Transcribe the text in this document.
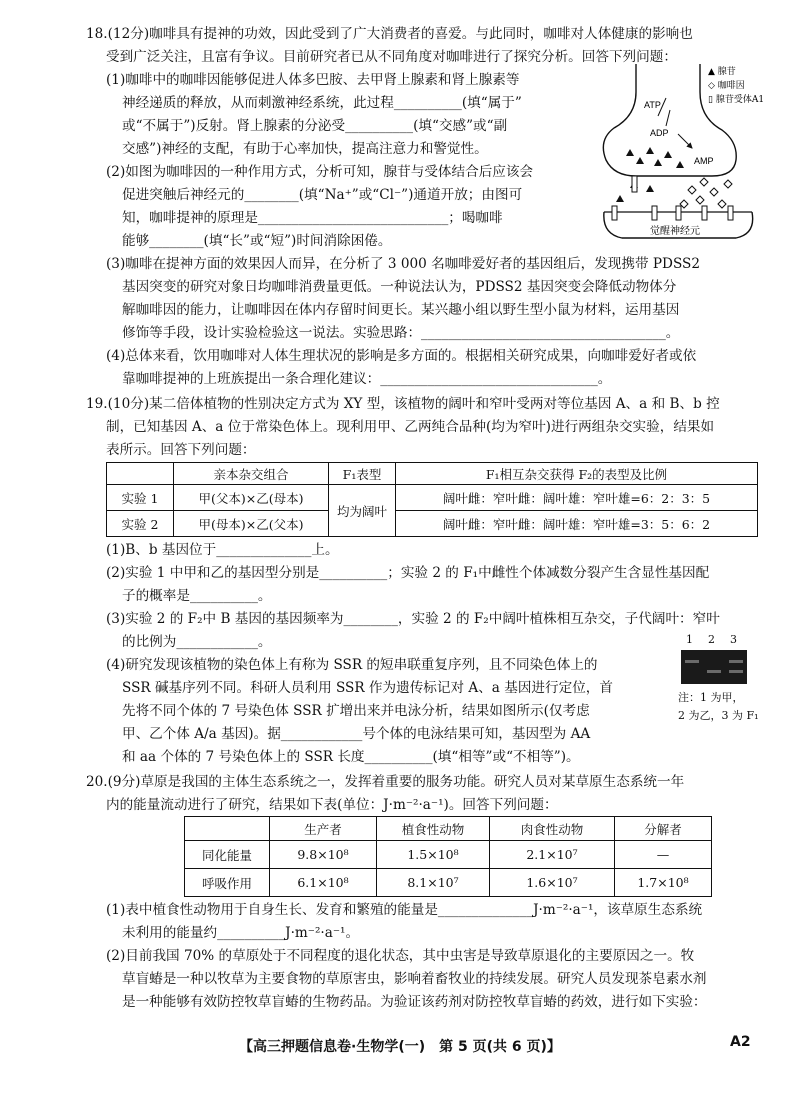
18.(12分)咖啡具有提神的功效，因此受到了广大消费者的喜爱。与此同时，咖啡对人体健康的影响也
受到广泛关注，且富有争议。目前研究者已从不同角度对咖啡进行了探究分析。回答下列问题：
(1)咖啡中的咖啡因能够促进人体多巴胺、去甲肾上腺素和肾上腺素等
神经递质的释放，从而刺激神经系统，此过程__________(填“属于”
或“不属于”)反射。肾上腺素的分泌受__________(填“交感”或“副
交感”)神经的支配，有助于心率加快，提高注意力和警觉性。
(2)如图为咖啡因的一种作用方式，分析可知，腺苷与受体结合后应该会
促进突触后神经元的________(填“Na⁺”或“Cl⁻”)通道开放；由图可
知，咖啡提神的原理是____________________________；喝咖啡
能够________(填“长”或“短”)时间消除困倦。
(3)咖啡在提神方面的效果因人而异，在分析了 3 000 名咖啡爱好者的基因组后，发现携带 PDSS2
基因突变的研究对象日均咖啡消费量更低。一种说法认为，PDSS2 基因突变会降低动物体分
解咖啡因的能力，让咖啡因在体内存留时间更长。某兴趣小组以野生型小鼠为材料，运用基因
修饰等手段，设计实验检验这一说法。实验思路：____________________________________。
(4)总体来看，饮用咖啡对人体生理状况的影响是多方面的。根据相关研究成果，向咖啡爱好者或依
靠咖啡提神的上班族提出一条合理化建议：________________________________。
ATP
ADP
AMP
觉醒神经元
▲ 腺苷
◇ 咖啡因
▯ 腺苷受体A1
19.(10分)某二倍体植物的性别决定方式为 XY 型，该植物的阔叶和窄叶受两对等位基因 A、a 和 B、b 控
制，已知基因 A、a 位于常染色体上。现利用甲、乙两纯合品种(均为窄叶)进行两组杂交实验，结果如
表所示。回答下列问题：
	亲本杂交组合	F₁表型	F₁相互杂交获得 F₂的表型及比例
实验 1	甲(父本)×乙(母本)	均为阔叶	阔叶雌：窄叶雌：阔叶雄：窄叶雄=6：2：3：5
实验 2	甲(母本)×乙(父本)		阔叶雌：窄叶雌：阔叶雄：窄叶雄=3：5：6：2
(1)B、b 基因位于______________上。
(2)实验 1 中甲和乙的基因型分别是__________；实验 2 的 F₁中雌性个体减数分裂产生含显性基因配
子的概率是__________。
(3)实验 2 的 F₂中 B 基因的基因频率为________，实验 2 的 F₂中阔叶植株相互杂交，子代阔叶：窄叶
的比例为____________。
(4)研究发现该植物的染色体上有称为 SSR 的短串联重复序列，且不同染色体上的
SSR 碱基序列不同。科研人员利用 SSR 作为遗传标记对 A、a 基因进行定位，首
先将不同个体的 7 号染色体 SSR 扩增出来并电泳分析，结果如图所示(仅考虑
甲、乙个体 A/a 基因)。据____________号个体的电泳结果可知，基因型为 AA
和 aa 个体的 7 号染色体上的 SSR 长度__________(填“相等”或“不相等”)。
1 2 3
注：1 为甲，
2 为乙，3 为 F₁
20.(9分)草原是我国的主体生态系统之一，发挥着重要的服务功能。研究人员对某草原生态系统一年
内的能量流动进行了研究，结果如下表(单位：J·m⁻²·a⁻¹)。回答下列问题：
	生产者	植食性动物	肉食性动物	分解者
同化能量	9.8×10⁸	1.5×10⁸	2.1×10⁷	—
呼吸作用	6.1×10⁸	8.1×10⁷	1.6×10⁷	1.7×10⁸
(1)表中植食性动物用于自身生长、发育和繁殖的能量是______________J·m⁻²·a⁻¹，该草原生态系统
未利用的能量约__________J·m⁻²·a⁻¹。
(2)目前我国 70% 的草原处于不同程度的退化状态，其中虫害是导致草原退化的主要原因之一。牧
草盲蝽是一种以牧草为主要食物的草原害虫，影响着畜牧业的持续发展。研究人员发现茶皂素水剂
是一种能够有效防控牧草盲蝽的生物药品。为验证该药剂对防控牧草盲蝽的药效，进行如下实验：
【高三押题信息卷·生物学(一)　第 5 页(共 6 页)】	A2
